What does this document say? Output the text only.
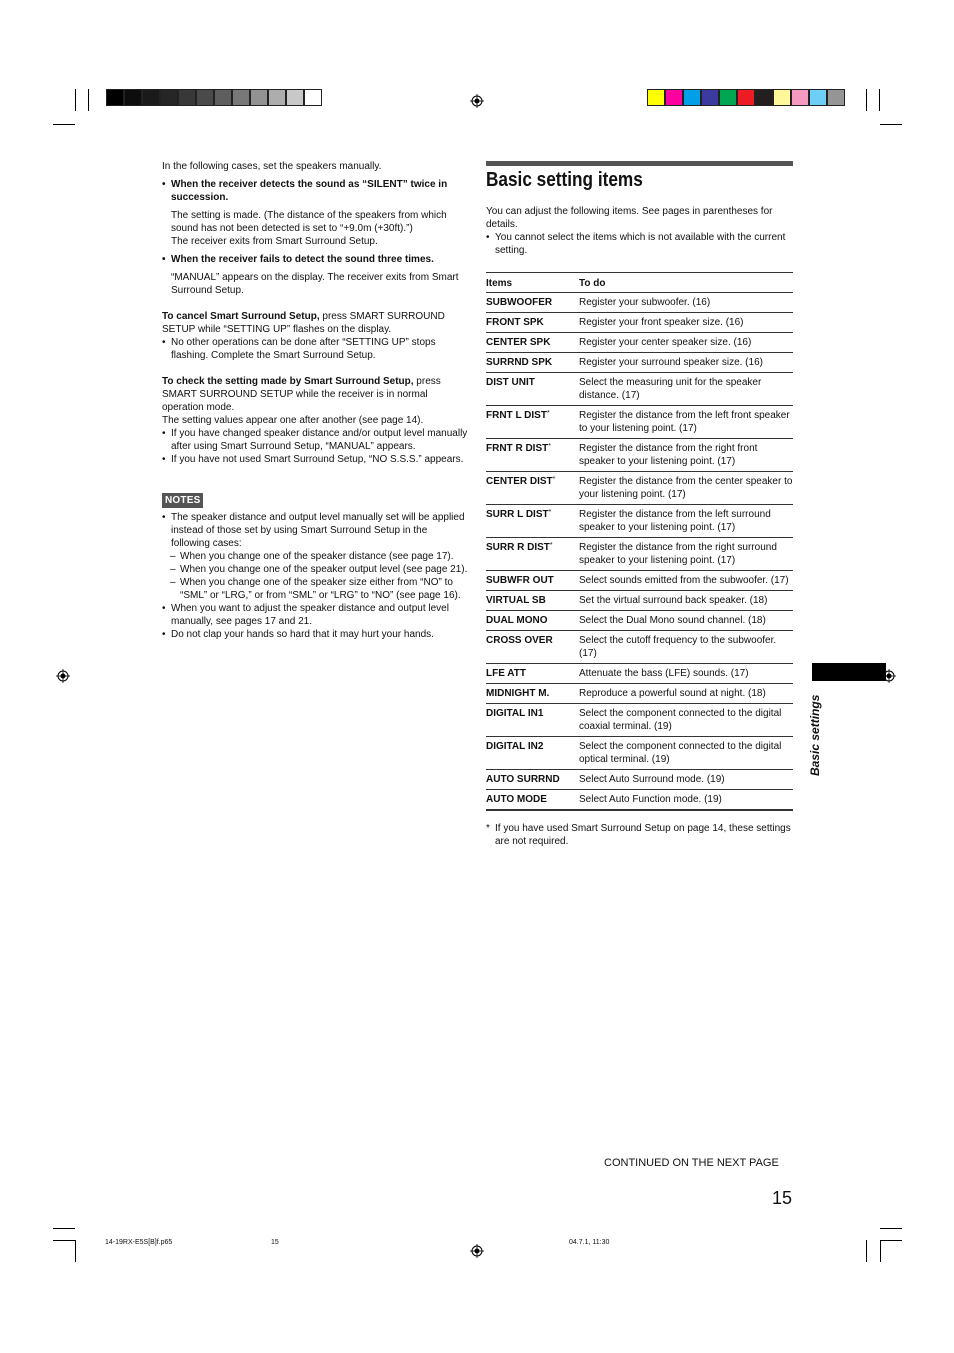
In the following cases, set the speakers manually.

• When the receiver detects the sound as “SILENT” twice in succession.

The setting is made. (The distance of the speakers from which sound has not been detected is set to “+9.0m (+30ft).”)

The receiver exits from Smart Surround Setup.

• When the receiver fails to detect the sound three times.

“MANUAL” appears on the display. The receiver exits from Smart Surround Setup.

To cancel Smart Surround Setup, press SMART SURROUND SETUP while “SETTING UP” flashes on the display.

• No other operations can be done after “SETTING UP” stops flashing. Complete the Smart Surround Setup.

To check the setting made by Smart Surround Setup, press SMART SURROUND SETUP while the receiver is in normal operation mode.

The setting values appear one after another (see page 14).

• If you have changed speaker distance and/or output level manually after using Smart Surround Setup, “MANUAL” appears.

• If you have not used Smart Surround Setup, “NO S.S.S.” appears.

NOTES

• The speaker distance and output level manually set will be applied instead of those set by using Smart Surround Setup in the following cases:

– When you change one of the speaker distance (see page 17).

– When you change one of the speaker output level (see page 21).

– When you change one of the speaker size either from “NO” to “SML” or “LRG,” or from “SML” or “LRG” to “NO” (see page 16).

• When you want to adjust the speaker distance and output level manually, see pages 17 and 21.

• Do not clap your hands so hard that it may hurt your hands.

Basic setting items

You can adjust the following items. See pages in parentheses for details.

• You cannot select the items which is not available with the current setting.

Items	To do
SUBWOOFER	Register your subwoofer. (16)
FRONT SPK	Register your front speaker size. (16)
CENTER SPK	Register your center speaker size. (16)
SURRND SPK	Register your surround speaker size. (16)
DIST UNIT	Select the measuring unit for the speaker distance. (17)
FRNT L DIST*	Register the distance from the left front speaker to your listening point. (17)
FRNT R DIST*	Register the distance from the right front speaker to your listening point. (17)
CENTER DIST*	Register the distance from the center speaker to your listening point. (17)
SURR L DIST*	Register the distance from the left surround speaker to your listening point. (17)
SURR R DIST*	Register the distance from the right surround speaker to your listening point. (17)
SUBWFR OUT	Select sounds emitted from the subwoofer. (17)
VIRTUAL SB	Set the virtual surround back speaker. (18)
DUAL MONO	Select the Dual Mono sound channel. (18)
CROSS OVER	Select the cutoff frequency to the subwoofer. (17)
LFE ATT	Attenuate the bass (LFE) sounds. (17)
MIDNIGHT M.	Reproduce a powerful sound at night. (18)
DIGITAL IN1	Select the component connected to the digital coaxial terminal. (19)
DIGITAL IN2	Select the component connected to the digital optical terminal. (19)
AUTO SURRND	Select Auto Surround mode. (19)
AUTO MODE	Select Auto Function mode. (19)
* If you have used Smart Surround Setup on page 14, these settings are not required.
Basic settings
CONTINUED ON THE NEXT PAGE
15
14-19RX-E5S[B]f.p65	15	04.7.1, 11:30
